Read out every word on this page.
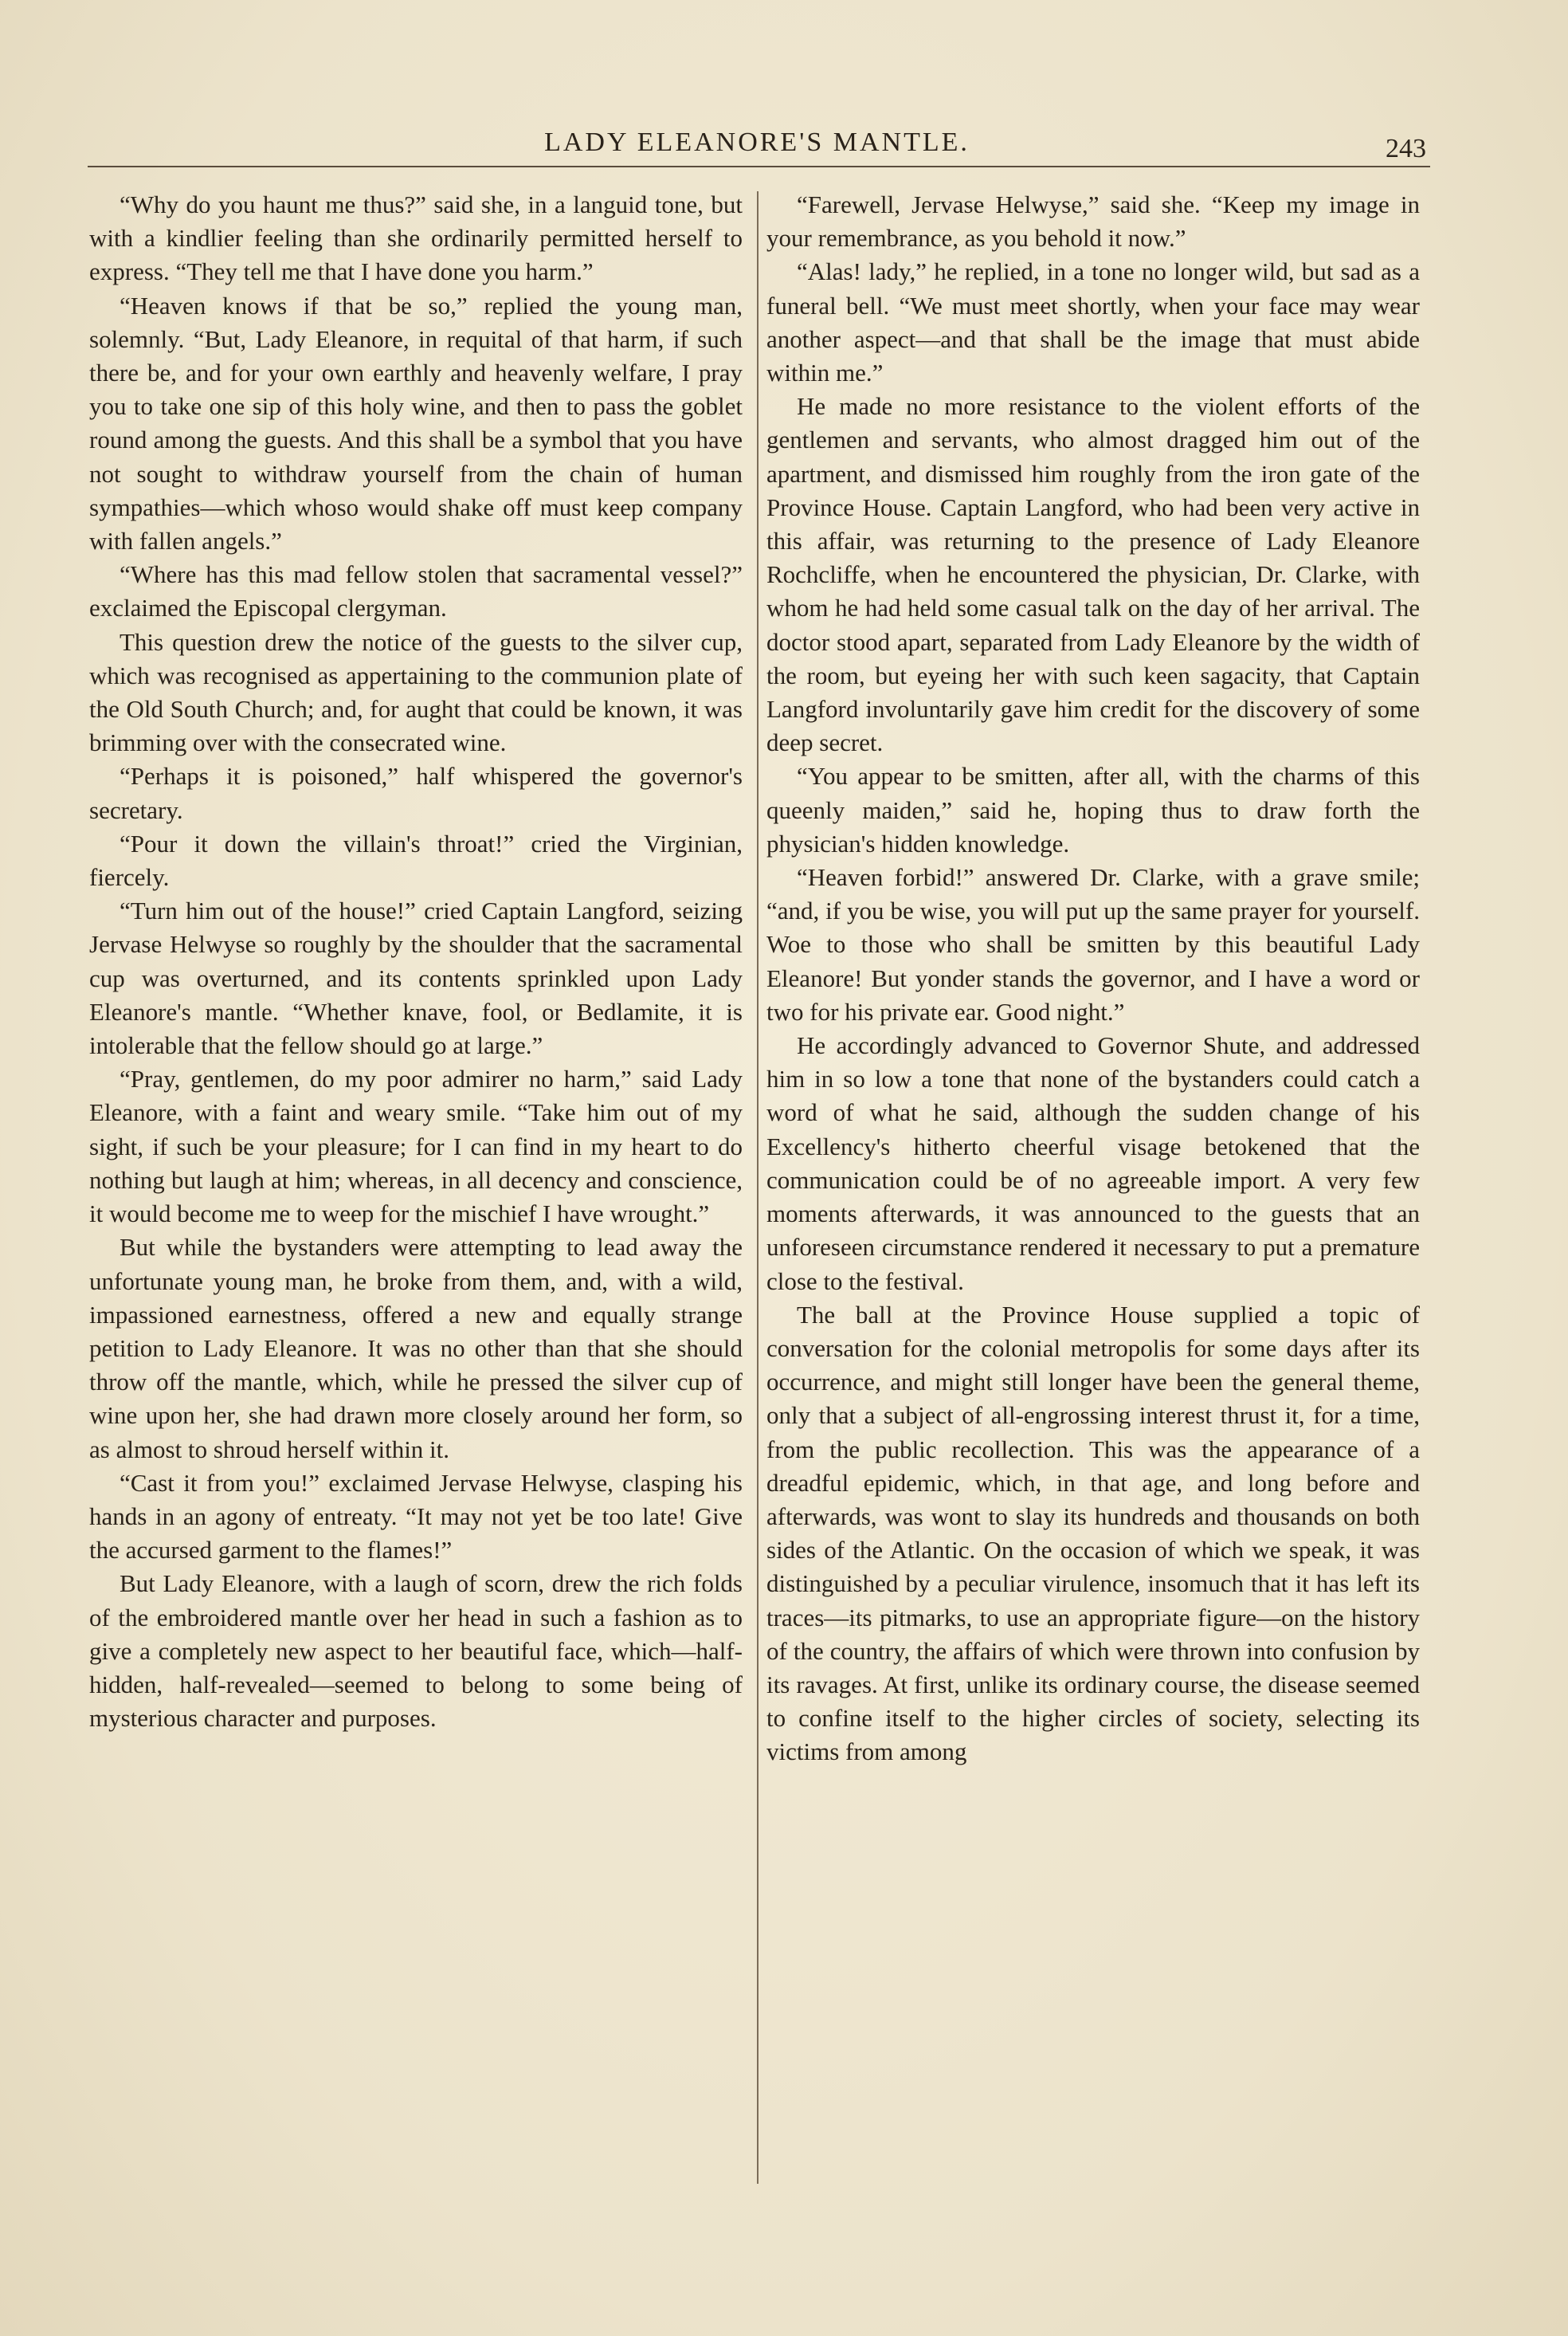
LADY ELEANORE'S MANTLE.	243

“Why do you haunt me thus?” said she, in a languid tone, but with a kindlier feeling than she ordinarily permitted herself to express. “They tell me that I have done you harm.”

“Heaven knows if that be so,” replied the young man, solemnly. “But, Lady Eleanore, in requital of that harm, if such there be, and for your own earthly and heavenly welfare, I pray you to take one sip of this holy wine, and then to pass the goblet round among the guests. And this shall be a symbol that you have not sought to withdraw yourself from the chain of human sympathies—which whoso would shake off must keep company with fallen angels.”

“Where has this mad fellow stolen that sacramental vessel?” exclaimed the Episcopal clergyman.

This question drew the notice of the guests to the silver cup, which was recognised as appertaining to the communion plate of the Old South Church; and, for aught that could be known, it was brimming over with the consecrated wine.

“Perhaps it is poisoned,” half whispered the governor's secretary.

“Pour it down the villain's throat!” cried the Virginian, fiercely.

“Turn him out of the house!” cried Captain Langford, seizing Jervase Helwyse so roughly by the shoulder that the sacramental cup was overturned, and its contents sprinkled upon Lady Eleanore's mantle. “Whether knave, fool, or Bedlamite, it is intolerable that the fellow should go at large.”

“Pray, gentlemen, do my poor admirer no harm,” said Lady Eleanore, with a faint and weary smile. “Take him out of my sight, if such be your pleasure; for I can find in my heart to do nothing but laugh at him; whereas, in all decency and conscience, it would become me to weep for the mischief I have wrought.”

But while the bystanders were attempting to lead away the unfortunate young man, he broke from them, and, with a wild, impassioned earnestness, offered a new and equally strange petition to Lady Eleanore. It was no other than that she should throw off the mantle, which, while he pressed the silver cup of wine upon her, she had drawn more closely around her form, so as almost to shroud herself within it.

“Cast it from you!” exclaimed Jervase Helwyse, clasping his hands in an agony of entreaty. “It may not yet be too late! Give the accursed garment to the flames!”

But Lady Eleanore, with a laugh of scorn, drew the rich folds of the embroidered mantle over her head in such a fashion as to give a completely new aspect to her beautiful face, which—half-hidden, half-revealed—seemed to belong to some being of mysterious character and purposes.

“Farewell, Jervase Helwyse,” said she. “Keep my image in your remembrance, as you behold it now.”

“Alas! lady,” he replied, in a tone no longer wild, but sad as a funeral bell. “We must meet shortly, when your face may wear another aspect—and that shall be the image that must abide within me.”

He made no more resistance to the violent efforts of the gentlemen and servants, who almost dragged him out of the apartment, and dismissed him roughly from the iron gate of the Province House. Captain Langford, who had been very active in this affair, was returning to the presence of Lady Eleanore Rochcliffe, when he encountered the physician, Dr. Clarke, with whom he had held some casual talk on the day of her arrival. The doctor stood apart, separated from Lady Eleanore by the width of the room, but eyeing her with such keen sagacity, that Captain Langford involuntarily gave him credit for the discovery of some deep secret.

“You appear to be smitten, after all, with the charms of this queenly maiden,” said he, hoping thus to draw forth the physician's hidden knowledge.

“Heaven forbid!” answered Dr. Clarke, with a grave smile; “and, if you be wise, you will put up the same prayer for yourself. Woe to those who shall be smitten by this beautiful Lady Eleanore! But yonder stands the governor, and I have a word or two for his private ear. Good night.”

He accordingly advanced to Governor Shute, and addressed him in so low a tone that none of the bystanders could catch a word of what he said, although the sudden change of his Excellency's hitherto cheerful visage betokened that the communication could be of no agreeable import. A very few moments afterwards, it was announced to the guests that an unforeseen circumstance rendered it necessary to put a premature close to the festival.

The ball at the Province House supplied a topic of conversation for the colonial metropolis for some days after its occurrence, and might still longer have been the general theme, only that a subject of all-engrossing interest thrust it, for a time, from the public recollection. This was the appearance of a dreadful epidemic, which, in that age, and long before and afterwards, was wont to slay its hundreds and thousands on both sides of the Atlantic. On the occasion of which we speak, it was distinguished by a peculiar virulence, insomuch that it has left its traces—its pitmarks, to use an appropriate figure—on the history of the country, the affairs of which were thrown into confusion by its ravages. At first, unlike its ordinary course, the disease seemed to confine itself to the higher circles of society, selecting its victims from among
